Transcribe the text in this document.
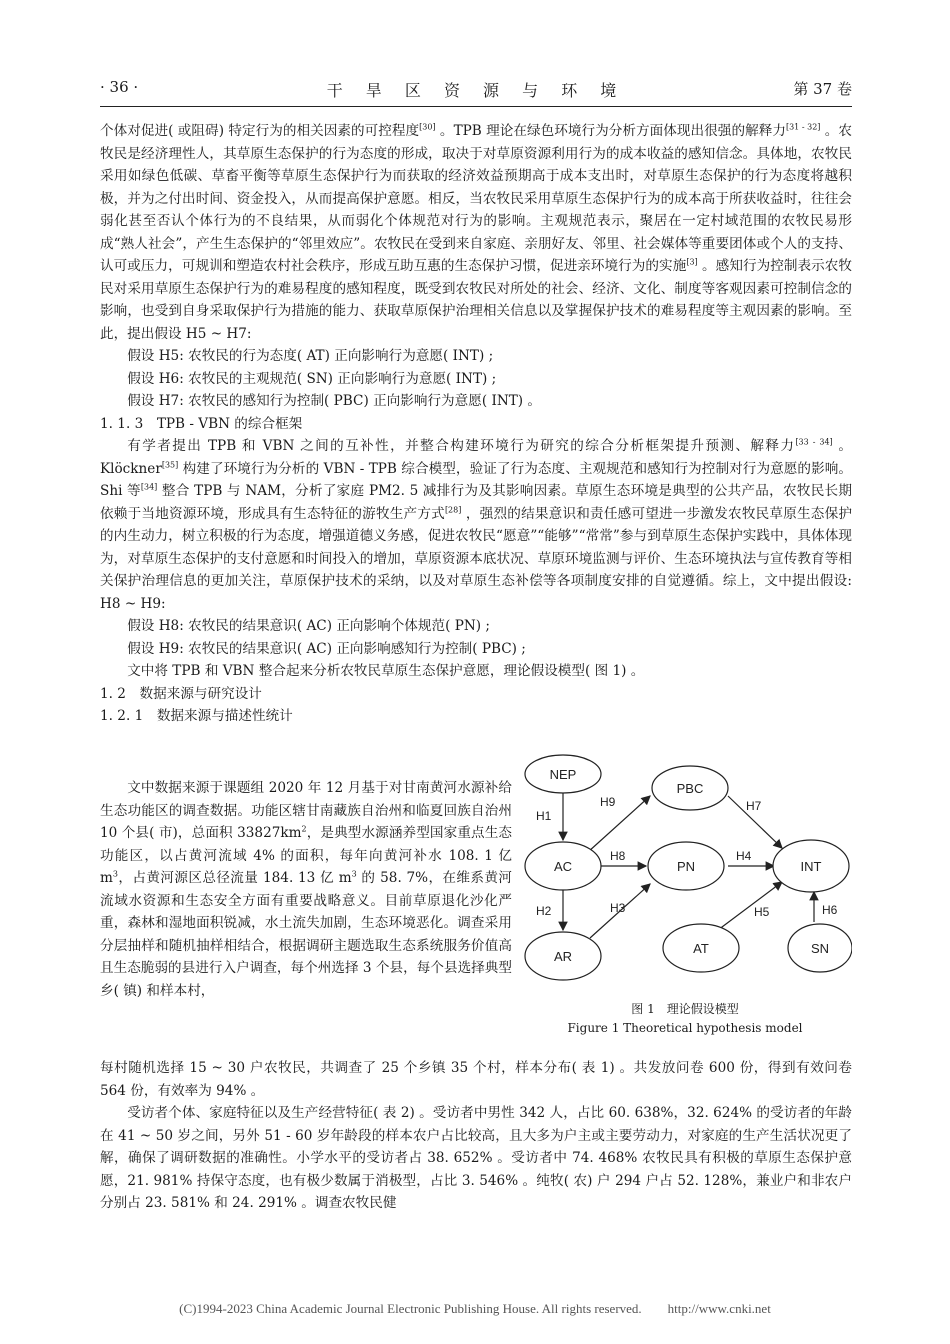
· 36 ·	干 旱 区 资 源 与 环 境	第 37 卷

个体对促进( 或阻碍) 特定行为的相关因素的可控程度[30] 。TPB 理论在绿色环境行为分析方面体现出很强的解释力[31 - 32] 。农牧民是经济理性人，其草原生态保护的行为态度的形成，取决于对草原资源利用行为的成本收益的感知信念。具体地，农牧民采用如绿色低碳、草畜平衡等草原生态保护行为而获取的经济效益预期高于成本支出时，对草原生态保护的行为态度将越积极，并为之付出时间、资金投入，从而提高保护意愿。相反，当农牧民采用草原生态保护行为的成本高于所获收益时，往往会弱化甚至否认个体行为的不良结果，从而弱化个体规范对行为的影响。主观规范表示，聚居在一定村域范围的农牧民易形成“熟人社会”，产生生态保护的“邻里效应”。农牧民在受到来自家庭、亲朋好友、邻里、社会媒体等重要团体或个人的支持、认可或压力，可规训和塑造农村社会秩序，形成互助互惠的生态保护习惯，促进亲环境行为的实施[3] 。感知行为控制表示农牧民对采用草原生态保护行为的难易程度的感知程度，既受到农牧民对所处的社会、经济、文化、制度等客观因素可控制信念的影响，也受到自身采取保护行为措施的能力、获取草原保护治理相关信息以及掌握保护技术的难易程度等主观因素的影响。至此，提出假设 H5 ~ H7:

假设 H5: 农牧民的行为态度( AT) 正向影响行为意愿( INT) ;

假设 H6: 农牧民的主观规范( SN) 正向影响行为意愿( INT) ;

假设 H7: 农牧民的感知行为控制( PBC) 正向影响行为意愿( INT) 。

1. 1. 3　TPB - VBN 的综合框架

有学者提出 TPB 和 VBN 之间的互补性，并整合构建环境行为研究的综合分析框架提升预测、解释力[33 - 34] 。Klöckner[35] 构建了环境行为分析的 VBN - TPB 综合模型，验证了行为态度、主观规范和感知行为控制对行为意愿的影响。Shi 等[34] 整合 TPB 与 NAM，分析了家庭 PM2. 5 减排行为及其影响因素。草原生态环境是典型的公共产品，农牧民长期依赖于当地资源环境，形成具有生态特征的游牧生产方式[28] ，强烈的结果意识和责任感可望进一步激发农牧民草原生态保护的内生动力，树立积极的行为态度，增强道德义务感，促进农牧民“愿意”“能够”“常常”参与到草原生态保护实践中，具体体现为，对草原生态保护的支付意愿和时间投入的增加，草原资源本底状况、草原环境监测与评价、生态环境执法与宣传教育等相关保护治理信息的更加关注，草原保护技术的采纳，以及对草原生态补偿等各项制度安排的自觉遵循。综上，文中提出假设: H8 ~ H9:

假设 H8: 农牧民的结果意识( AC) 正向影响个体规范( PN) ;

假设 H9: 农牧民的结果意识( AC) 正向影响感知行为控制( PBC) ;

文中将 TPB 和 VBN 整合起来分析农牧民草原生态保护意愿，理论假设模型( 图 1) 。

1. 2　数据来源与研究设计

1. 2. 1　数据来源与描述性统计

文中数据来源于课题组 2020 年 12 月基于对甘南黄河水源补给生态功能区的调查数据。功能区辖甘南藏族自治州和临夏回族自治州 10 个县( 市)，总面积 $33827km^2$，是典型水源涵养型国家重点生态功能区，以占黄河流域 4% 的面积，每年向黄河补水 108. 1 亿 $m^3$，占黄河源区总径流量 184. 13 亿 $m^3$ 的 58. 7%，在维系黄河流域水资源和生态安全方面有重要战略意义。目前草原退化沙化严重，森林和湿地面积锐减，水土流失加剧，生态环境恶化。调查采用分层抽样和随机抽样相结合，根据调研主题选取生态系统服务价值高且生态脆弱的县进行入户调查，每个州选择 3 个县，每个县选择典型乡( 镇) 和样本村，

NEP
PBC
AC	PN	INT
AR
AT	SN
H1
H2
H9
H8
H3
H7
H4
H5	H6
图 1　理论假设模型
Figure 1 Theoretical hypothesis model

每村随机选择 15 ~ 30 户农牧民，共调查了 25 个乡镇 35 个村，样本分布( 表 1) 。共发放问卷 600 份，得到有效问卷 564 份，有效率为 94% 。

受访者个体、家庭特征以及生产经营特征( 表 2) 。受访者中男性 342 人，占比 60. 638%，32. 624% 的受访者的年龄在 41 ~ 50 岁之间，另外 51 - 60 岁年龄段的样本农户占比较高，且大多为户主或主要劳动力，对家庭的生产生活状况更了解，确保了调研数据的准确性。小学水平的受访者占 38. 652% 。受访者中 74. 468% 农牧民具有积极的草原生态保护意愿，21. 981% 持保守态度，也有极少数属于消极型，占比 3. 546% 。纯牧( 农) 户 294 户占 52. 128%，兼业户和非农户分别占 23. 581% 和 24. 291% 。调查农牧民健

(C)1994-2023 China Academic Journal Electronic Publishing House. All rights reserved.　　http://www.cnki.net
